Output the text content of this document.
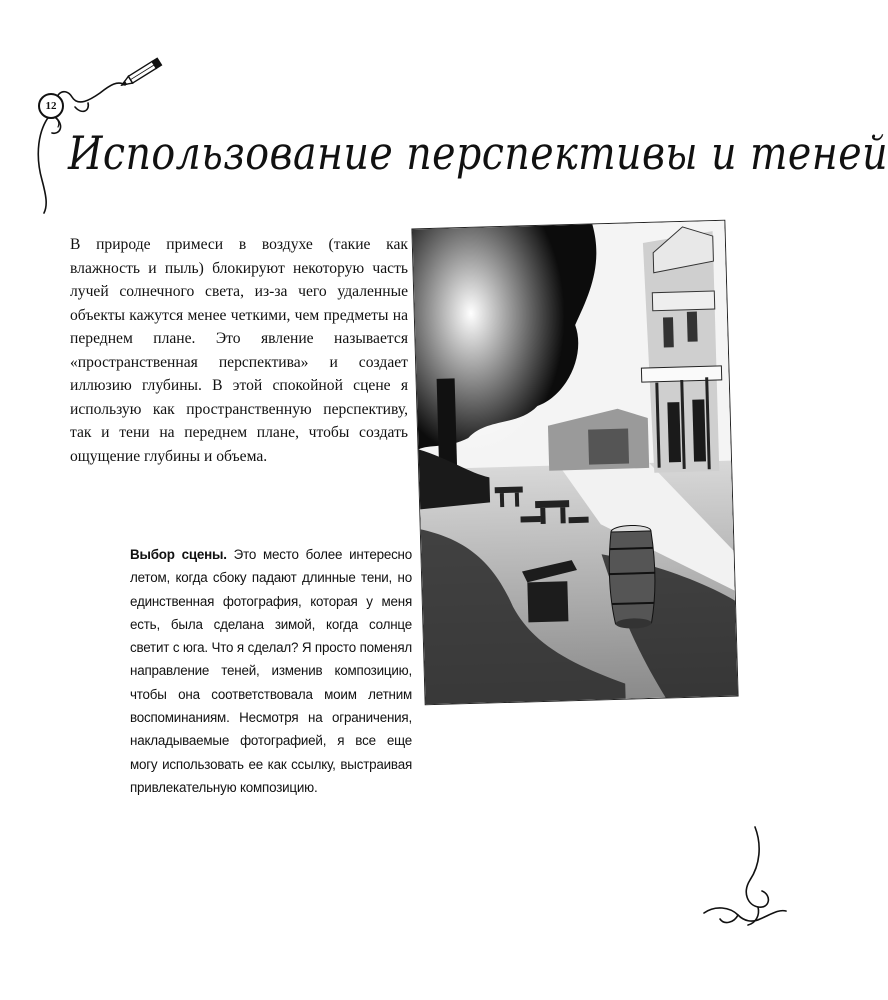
12
Использование перспективы и теней

В природе примеси в воздухе (такие как влажность и пыль) блокируют некоторую часть лучей солнечного света, из-за чего удаленные объекты кажутся менее четкими, чем предметы на переднем плане. Это явление называется «пространственная перспектива» и создает иллюзию глубины. В этой спокойной сцене я использую как пространственную перспективу, так и тени на переднем плане, чтобы создать ощущение глубины и объема.

Выбор сцены. Это место более интересно летом, когда сбоку падают длинные тени, но единственная фотография, которая у меня есть, была сделана зимой, когда солнце светит с юга. Что я сделал? Я просто поменял направление теней, изменив композицию, чтобы она соответствовала моим летним воспоминаниям. Несмотря на ограничения, накладываемые фотографией, я все еще могу использовать ее как ссылку, выстраивая привлекательную композицию.
